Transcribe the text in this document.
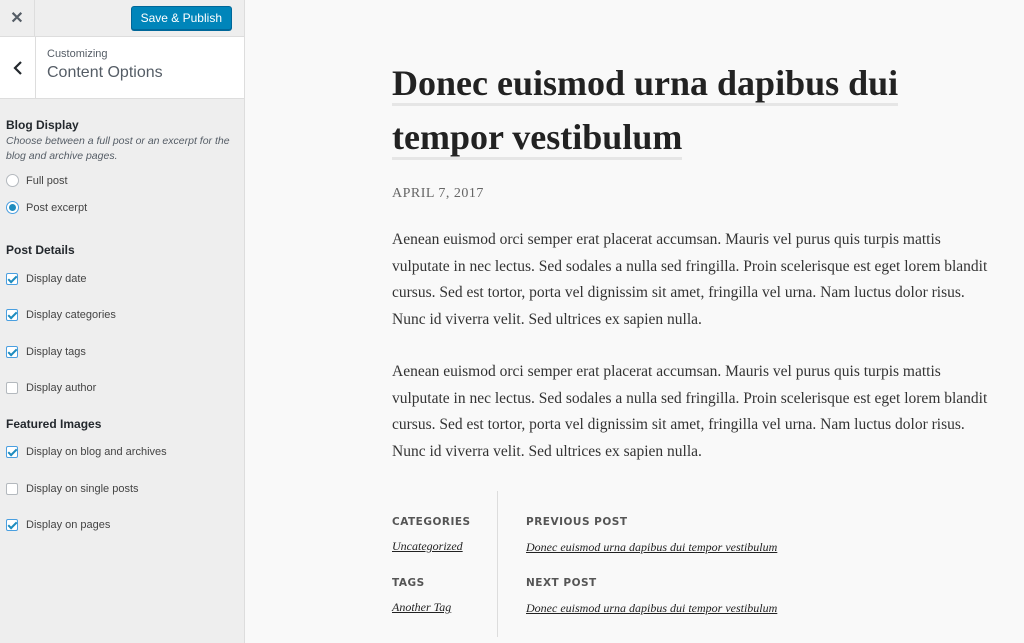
✕	Save & Publish
Customizing
Content Options
Blog Display
Choose between a full post or an excerpt for the blog and archive pages.
Full post
Post excerpt
Post Details
Display date
Display categories
Display tags
Display author
Featured Images
Display on blog and archives
Display on single posts
Display on pages
Donec euismod urna dapibus dui
tempor vestibulum
APRIL 7, 2017

Aenean euismod orci semper erat placerat accumsan. Mauris vel purus quis turpis mattis vulputate in nec lectus. Sed sodales a nulla sed fringilla. Proin scelerisque est eget lorem blandit cursus. Sed est tortor, porta vel dignissim sit amet, fringilla vel urna. Nam luctus dolor risus. Nunc id viverra velit. Sed ultrices ex sapien nulla.

Aenean euismod orci semper erat placerat accumsan. Mauris vel purus quis turpis mattis vulputate in nec lectus. Sed sodales a nulla sed fringilla. Proin scelerisque est eget lorem blandit cursus. Sed est tortor, porta vel dignissim sit amet, fringilla vel urna. Nam luctus dolor risus. Nunc id viverra velit. Sed ultrices ex sapien nulla.

CATEGORIES
Uncategorized
TAGS
Another Tag
PREVIOUS POST
Donec euismod urna dapibus dui tempor vestibulum
NEXT POST
Donec euismod urna dapibus dui tempor vestibulum
